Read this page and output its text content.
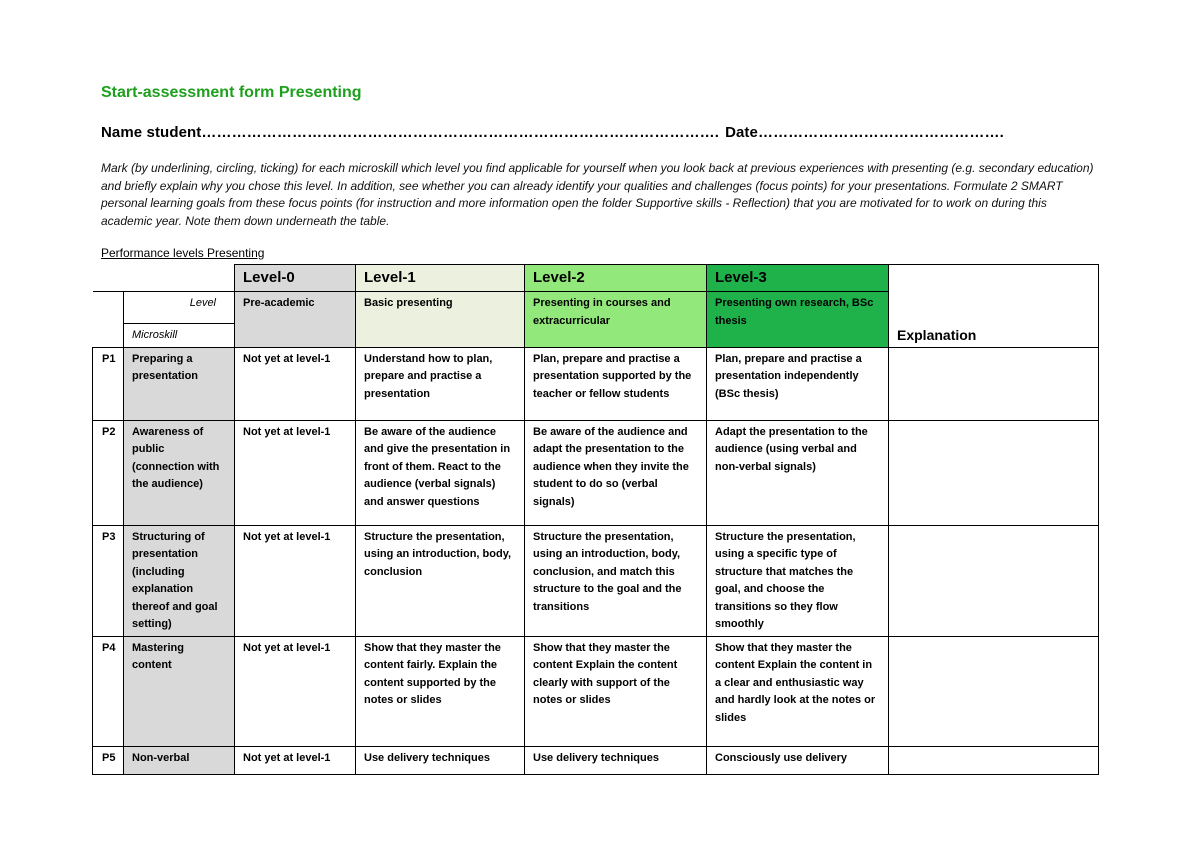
Start-assessment form Presenting
Name student…………………………………………………………………………………………. Date………………………………………….
Mark (by underlining, circling, ticking) for each microskill which level you find applicable for yourself when you look back at previous experiences with presenting (e.g. secondary education) and briefly explain why you chose this level. In addition, see whether you can already identify your qualities and challenges (focus points) for your presentations. Formulate 2 SMART personal learning goals from these focus points (for instruction and more information open the folder Supportive skills - Reflection) that you are motivated for to work on during this academic year. Note them down underneath the table.
Performance levels Presenting
		Level-0	Level-1	Level-2	Level-3	Explanation
	Level	Pre-academic	Basic presenting	Presenting in courses and extracurricular	Presenting own research, BSc thesis	
	Microskill					
P1	Preparing a presentation	Not yet at level-1	Understand how to plan, prepare and practise a presentation	Plan, prepare and practise a presentation supported by the teacher or fellow students	Plan, prepare and practise a presentation independently (BSc thesis)	
P2	Awareness of public (connection with the audience)	Not yet at level-1	Be aware of the audience and give the presentation in front of them. React to the audience (verbal signals) and answer questions	Be aware of the audience and adapt the presentation to the audience when they invite the student to do so (verbal signals)	Adapt the presentation to the audience (using verbal and non-verbal signals)	
P3	Structuring of presentation (including explanation thereof and goal setting)	Not yet at level-1	Structure the presentation, using an introduction, body, conclusion	Structure the presentation, using an introduction, body, conclusion, and match this structure to the goal and the transitions	Structure the presentation, using a specific type of structure that matches the goal, and choose the transitions so they flow smoothly	
P4	Mastering content	Not yet at level-1	Show that they master the content fairly. Explain the content supported by the notes or slides	Show that they master the content Explain the content clearly with support of the notes or slides	Show that they master the content Explain the content in a clear and enthusiastic way and hardly look at the notes or slides	
P5	Non-verbal	Not yet at level-1	Use delivery techniques	Use delivery techniques	Consciously use delivery	
